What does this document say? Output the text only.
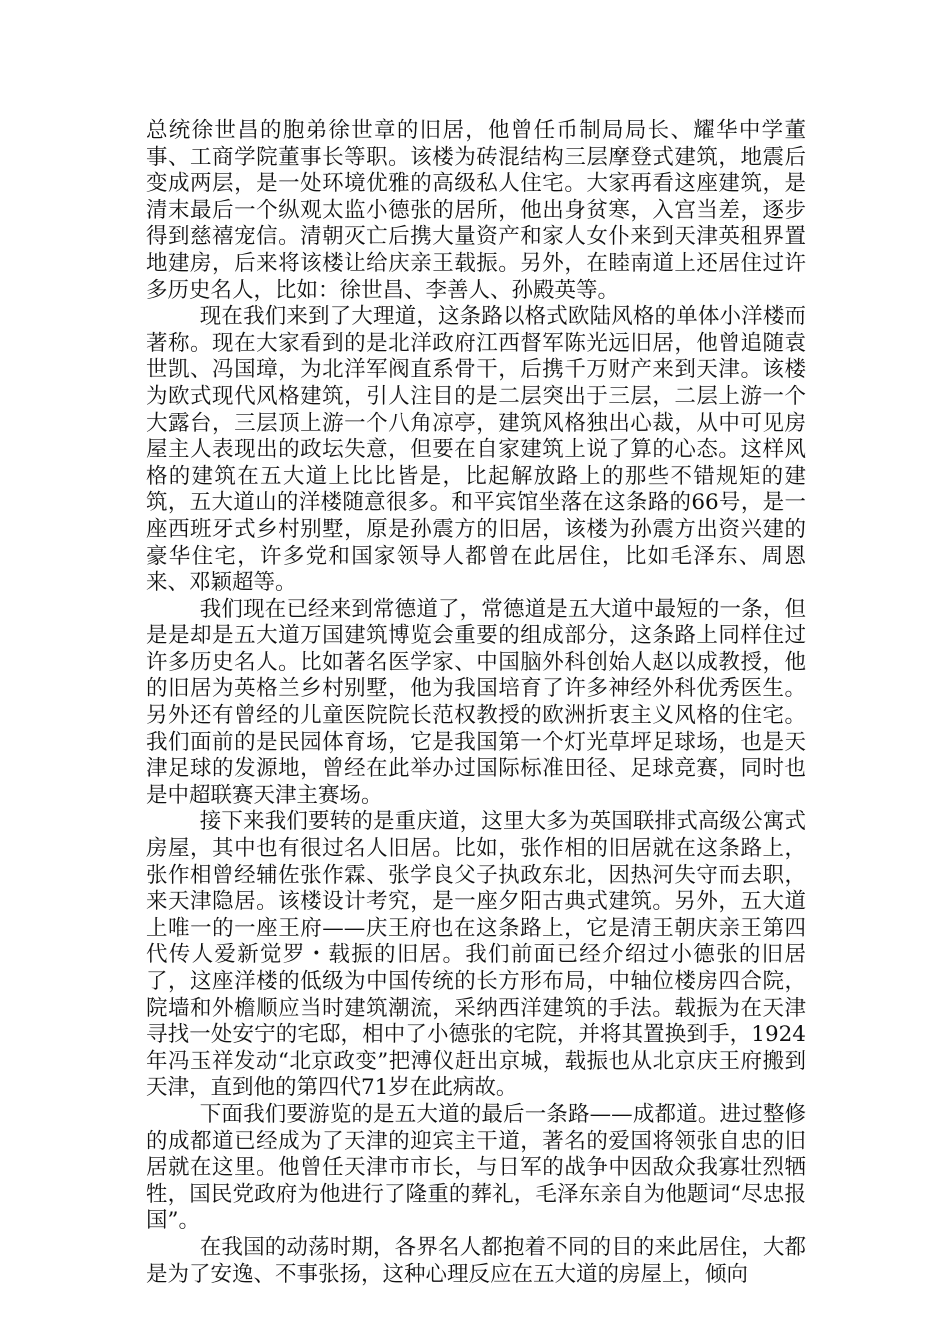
总统徐世昌的胞弟徐世章的旧居，他曾任币制局局长、耀华中学董事、工商学院董事长等职。该楼为砖混结构三层摩登式建筑，地震后变成两层，是一处环境优雅的高级私人住宅。大家再看这座建筑，是清末最后一个纵观太监小德张的居所，他出身贫寒，入宫当差，逐步得到慈禧宠信。清朝灭亡后携大量资产和家人女仆来到天津英租界置地建房，后来将该楼让给庆亲王载振。另外，在睦南道上还居住过许多历史名人，比如：徐世昌、李善人、孙殿英等。

现在我们来到了大理道，这条路以格式欧陆风格的单体小洋楼而著称。现在大家看到的是北洋政府江西督军陈光远旧居，他曾追随袁世凯、冯国璋，为北洋军阀直系骨干，后携千万财产来到天津。该楼为欧式现代风格建筑，引人注目的是二层突出于三层，二层上游一个大露台，三层顶上游一个八角凉亭，建筑风格独出心裁，从中可见房屋主人表现出的政坛失意，但要在自家建筑上说了算的心态。这样风格的建筑在五大道上比比皆是，比起解放路上的那些不错规矩的建筑，五大道山的洋楼随意很多。和平宾馆坐落在这条路的66号，是一座西班牙式乡村别墅，原是孙震方的旧居，该楼为孙震方出资兴建的豪华住宅，许多党和国家领导人都曾在此居住，比如毛泽东、周恩来、邓颖超等。

我们现在已经来到常德道了，常德道是五大道中最短的一条，但是是却是五大道万国建筑博览会重要的组成部分，这条路上同样住过许多历史名人。比如著名医学家、中国脑外科创始人赵以成教授，他的旧居为英格兰乡村别墅，他为我国培育了许多神经外科优秀医生。另外还有曾经的儿童医院院长范权教授的欧洲折衷主义风格的住宅。我们面前的是民园体育场，它是我国第一个灯光草坪足球场，也是天津足球的发源地，曾经在此举办过国际标准田径、足球竞赛，同时也是中超联赛天津主赛场。

接下来我们要转的是重庆道，这里大多为英国联排式高级公寓式房屋，其中也有很过名人旧居。比如，张作相的旧居就在这条路上，张作相曾经辅佐张作霖、张学良父子执政东北，因热河失守而去职，来天津隐居。该楼设计考究，是一座夕阳古典式建筑。另外，五大道上唯一的一座王府——庆王府也在这条路上，它是清王朝庆亲王第四代传人爱新觉罗・载振的旧居。我们前面已经介绍过小德张的旧居了，这座洋楼的低级为中国传统的长方形布局，中轴位楼房四合院，院墙和外檐顺应当时建筑潮流，采纳西洋建筑的手法。载振为在天津寻找一处安宁的宅邸，相中了小德张的宅院，并将其置换到手，1924年冯玉祥发动“北京政变”把溥仪赶出京城，载振也从北京庆王府搬到天津，直到他的第四代71岁在此病故。

下面我们要游览的是五大道的最后一条路——成都道。进过整修的成都道已经成为了天津的迎宾主干道，著名的爱国将领张自忠的旧居就在这里。他曾任天津市市长，与日军的战争中因敌众我寡壮烈牺牲，国民党政府为他进行了隆重的葬礼，毛泽东亲自为他题词“尽忠报国”。

在我国的动荡时期，各界名人都抱着不同的目的来此居住，大都是为了安逸、不事张扬，这种心理反应在五大道的房屋上，倾向
